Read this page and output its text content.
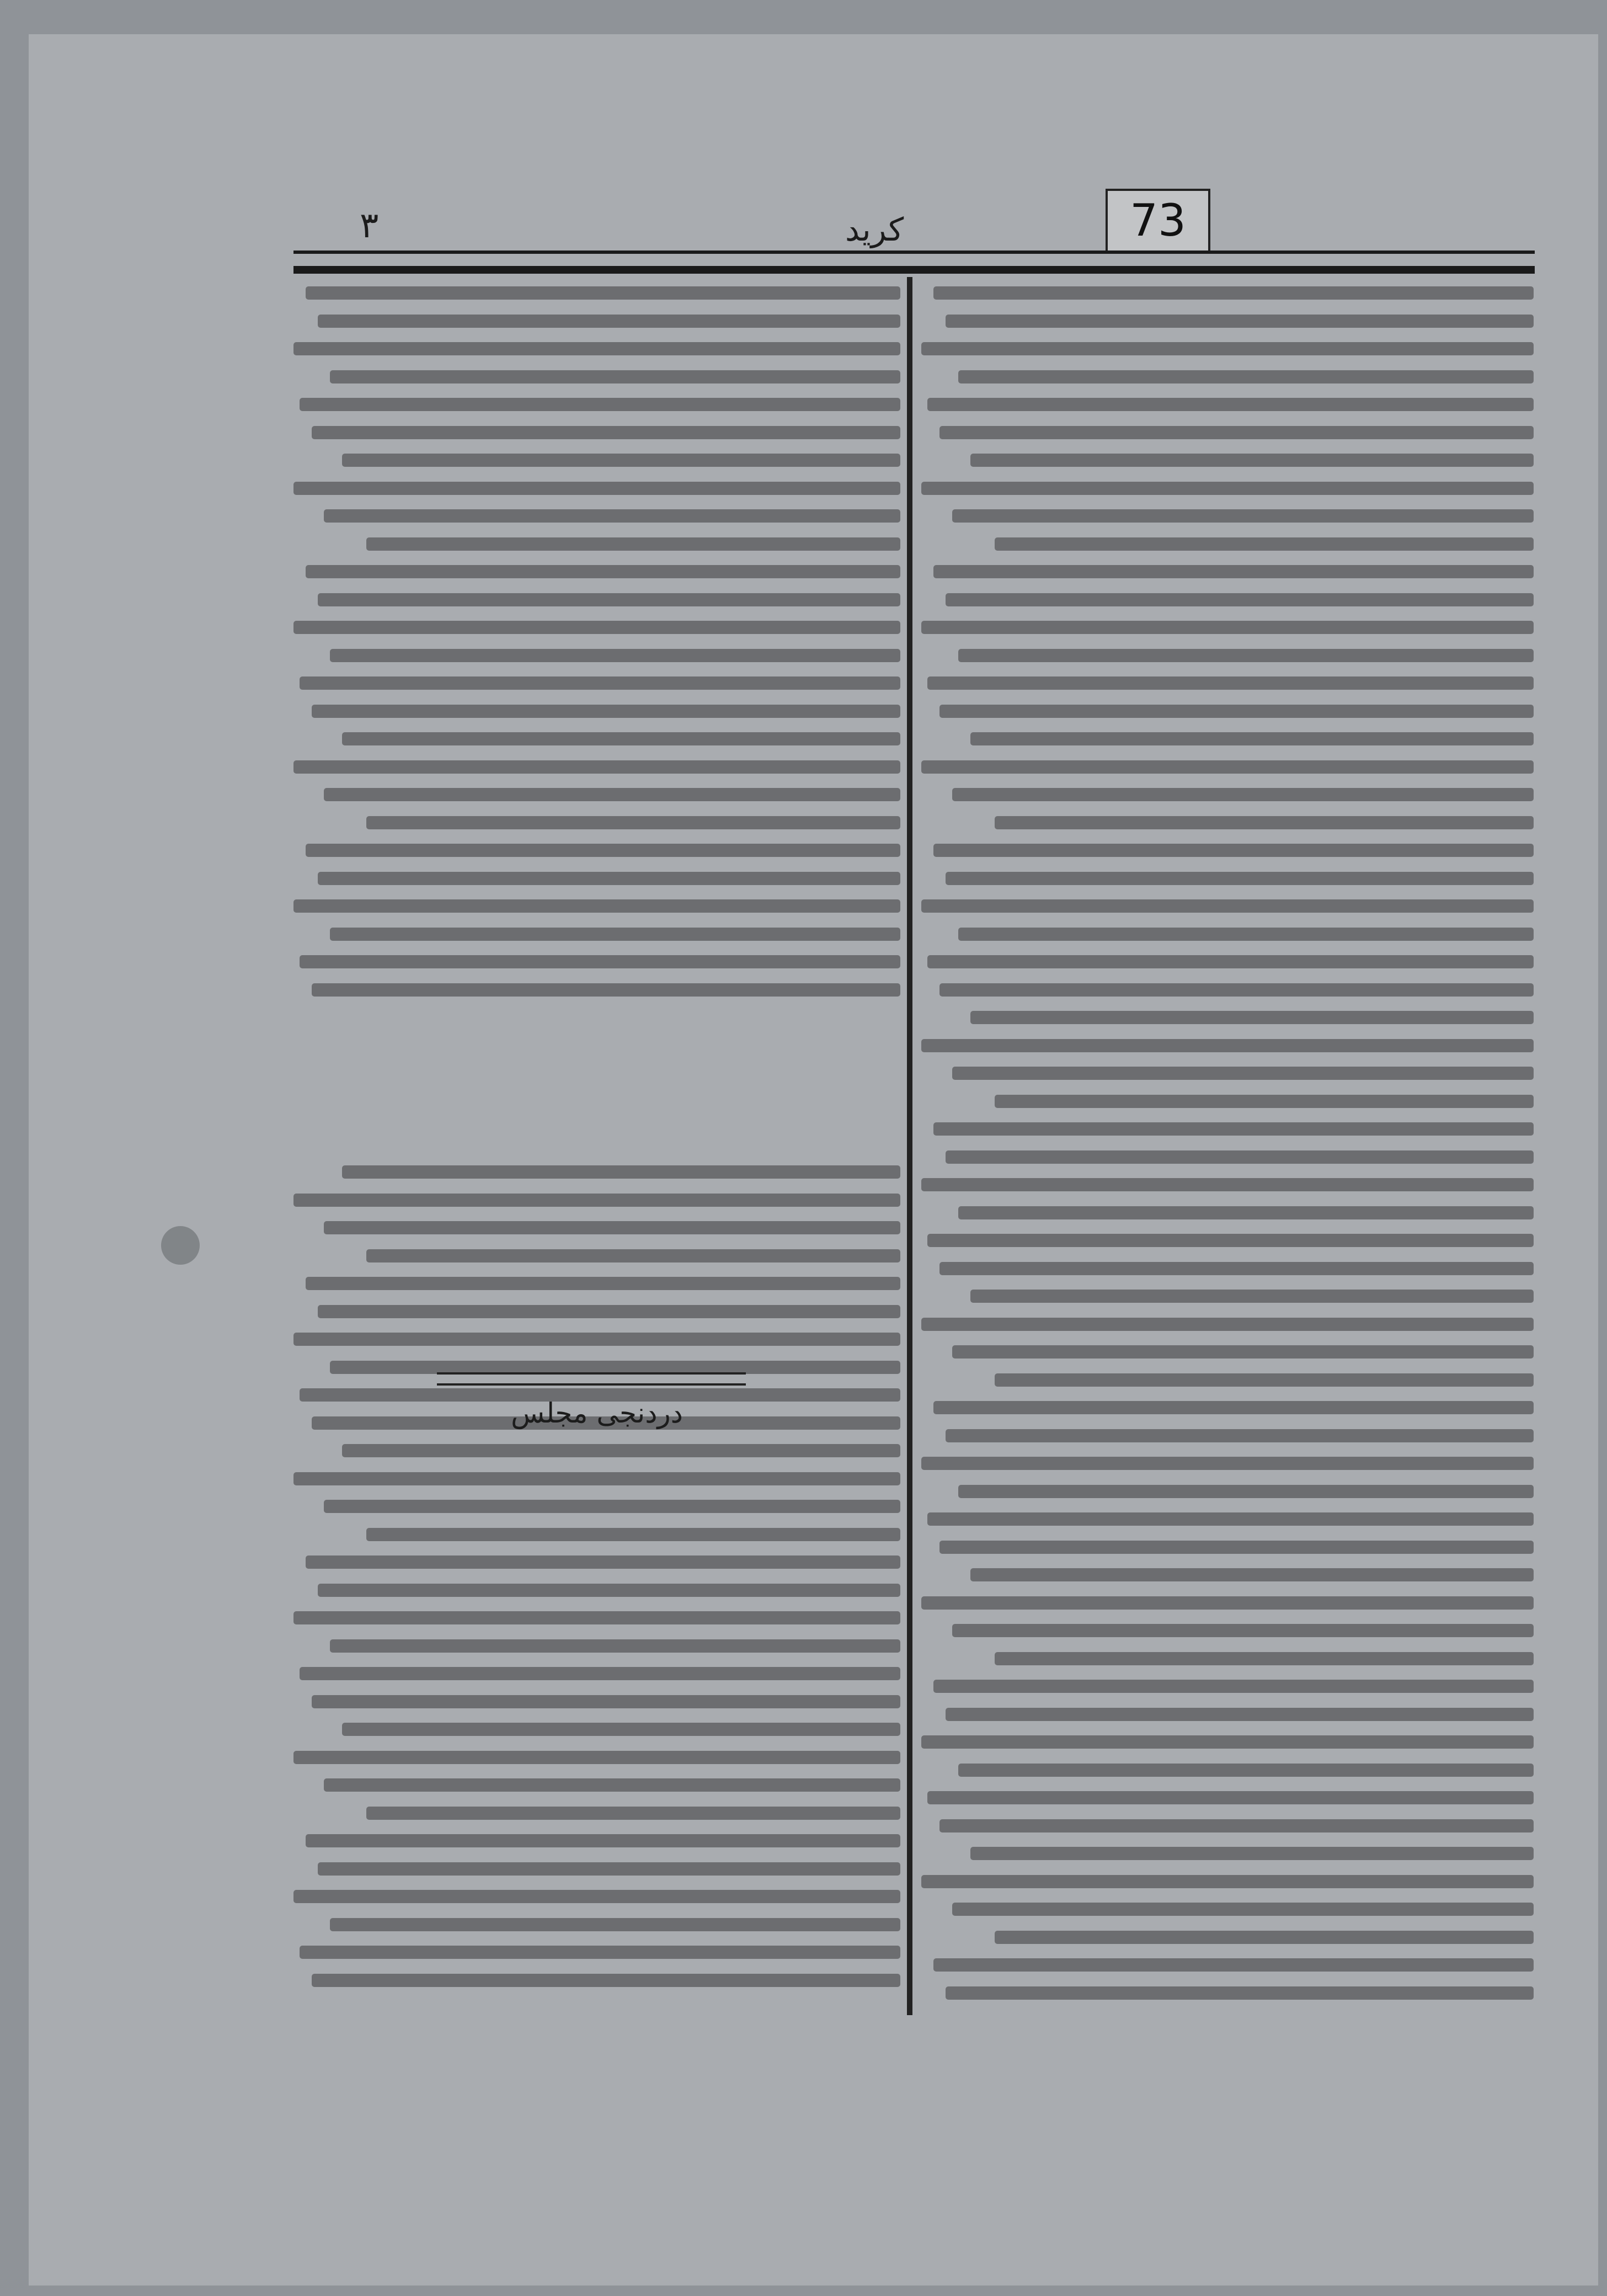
73
٣	کرید
دردنجی مجلس
